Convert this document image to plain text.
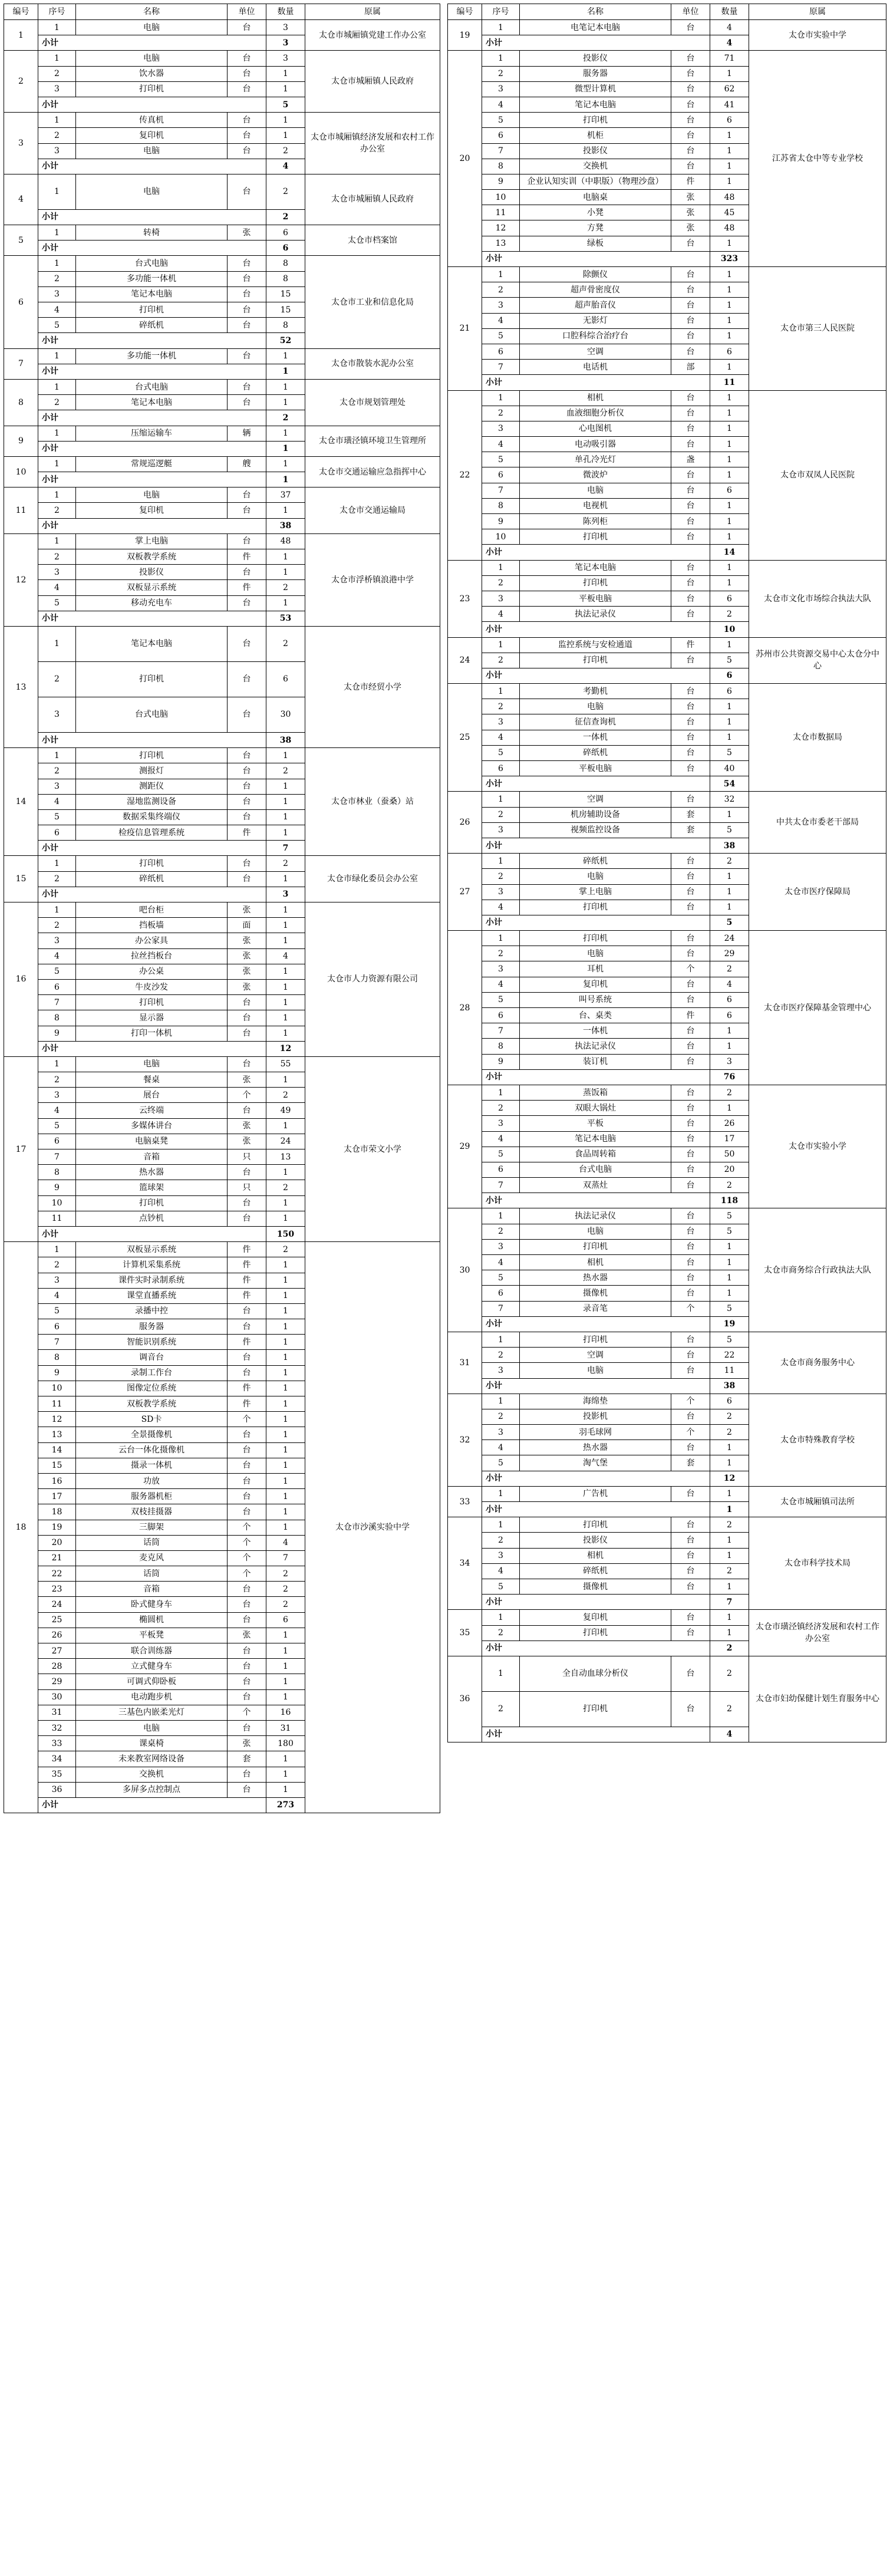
编号	序号	名称	单位	数量	原属
1	1	电脑	台	3	太仓市城厢镇党建工作办公室
	小计			3	
2	1	电脑	台	3	太仓市城厢镇人民政府
	2	饮水器	台	1	
	3	打印机	台	1	
	小计			5	
3	1	传真机	台	1	太仓市城厢镇经济发展和农村工作办公室
	2	复印机	台	1	
	3	电脑	台	2	
	小计			4	
4	1	电脑	台	2	太仓市城厢镇人民政府
	小计			2	
5	1	转椅	张	6	太仓市档案馆
	小计			6	
6	1	台式电脑	台	8	太仓市工业和信息化局
	2	多功能一体机	台	8	
	3	笔记本电脑	台	15	
	4	打印机	台	15	
	5	碎纸机	台	8	
	小计			52	
7	1	多功能一体机	台	1	太仓市散装水泥办公室
	小计			1	
8	1	台式电脑	台	1	太仓市规划管理处
	2	笔记本电脑	台	1	
	小计			2	
9	1	压缩运输车	辆	1	太仓市璜泾镇环境卫生管理所
	小计			1	
10	1	常规巡逻艇	艘	1	太仓市交通运输应急指挥中心
	小计			1	
11	1	电脑	台	37	太仓市交通运输局
	2	复印机	台	1	
	小计			38	
12	1	掌上电脑	台	48	太仓市浮桥镇浪港中学
	2	双板教学系统	件	1	
	3	投影仪	台	1	
	4	双板显示系统	件	2	
	5	移动充电车	台	1	
	小计			53	
13	1	笔记本电脑	台	2	太仓市经贸小学
	2	打印机	台	6	
	3	台式电脑	台	30	
	小计			38	
14	1	打印机	台	1	太仓市林业（蚕桑）站
	2	测报灯	台	2	
	3	测距仪	台	1	
	4	湿地监测设备	台	1	
	5	数据采集终端仪	台	1	
	6	检疫信息管理系统	件	1	
	小计			7	
15	1	打印机	台	2	太仓市绿化委员会办公室
	2	碎纸机	台	1	
	小计			3	
16	1	吧台柜	张	1	太仓市人力资源有限公司
	2	挡板墙	面	1	
	3	办公家具	张	1	
	4	拉丝挡板台	张	4	
	5	办公桌	张	1	
	6	牛皮沙发	张	1	
	7	打印机	台	1	
	8	显示器	台	1	
	9	打印一体机	台	1	
	小计			12	
17	1	电脑	台	55	太仓市荣文小学
	2	餐桌	张	1	
	3	展台	个	2	
	4	云终端	台	49	
	5	多媒体讲台	张	1	
	6	电脑桌凳	张	24	
	7	音箱	只	13	
	8	热水器	台	1	
	9	篮球架	只	2	
	10	打印机	台	1	
	11	点钞机	台	1	
	小计			150	
18	1	双板显示系统	件	2	太仓市沙溪实验中学
	2	计算机采集系统	件	1	
	3	课件实时录制系统	件	1	
	4	课堂直播系统	件	1	
	5	录播中控	台	1	
	6	服务器	台	1	
	7	智能识别系统	件	1	
	8	调音台	台	1	
	9	录制工作台	台	1	
	10	图像定位系统	件	1	
	11	双板教学系统	件	1	
	12	SD卡	个	1	
	13	全景摄像机	台	1	
	14	云台一体化摄像机	台	1	
	15	摄录一体机	台	1	
	16	功放	台	1	
	17	服务器机柜	台	1	
	18	双枝挂摄器	台	1	
	19	三脚架	个	1	
	20	话筒	个	4	
	21	麦克风	个	7	
	22	话筒	个	2	
	23	音箱	台	2	
	24	卧式健身车	台	2	
	25	椭圆机	台	6	
	26	平板凳	张	1	
	27	联合训练器	台	1	
	28	立式健身车	台	1	
	29	可调式仰卧板	台	1	
	30	电动跑步机	台	1	
	31	三基色内嵌柔光灯	个	16	
	32	电脑	台	31	
	33	课桌椅	张	180	
	34	未来教室网络设备	套	1	
	35	交换机	台	1	
	36	多屏多点控制点	台	1	
	小计			273	
编号	序号	名称	单位	数量	原属
19	1	电笔记本电脑	台	4	太仓市实验中学
	小计			4	
20	1	投影仪	台	71	江苏省太仓中等专业学校
	2	服务器	台	1	
	3	微型计算机	台	62	
	4	笔记本电脑	台	41	
	5	打印机	台	6	
	6	机柜	台	1	
	7	投影仪	台	1	
	8	交换机	台	1	
	9	企业认知实训（中职版）（物理沙盘）	件	1	
	10	电脑桌	张	48	
	11	小凳	张	45	
	12	方凳	张	48	
	13	绿板	台	1	
	小计			323	
21	1	除颤仪	台	1	太仓市第三人民医院
	2	超声骨密度仪	台	1	
	3	超声胎音仪	台	1	
	4	无影灯	台	1	
	5	口腔科综合治疗台	台	1	
	6	空调	台	6	
	7	电话机	部	1	
	小计			11	
22	1	相机	台	1	太仓市双凤人民医院
	2	血液细胞分析仪	台	1	
	3	心电图机	台	1	
	4	电动吸引器	台	1	
	5	单孔冷光灯	盏	1	
	6	微波炉	台	1	
	7	电脑	台	6	
	8	电视机	台	1	
	9	陈列柜	台	1	
	10	打印机	台	1	
	小计			14	
23	1	笔记本电脑	台	1	太仓市文化市场综合执法大队
	2	打印机	台	1	
	3	平板电脑	台	6	
	4	执法记录仪	台	2	
	小计			10	
24	1	监控系统与安检通道	件	1	苏州市公共资源交易中心太仓分中心
	2	打印机	台	5	
	小计			6	
25	1	考勤机	台	6	太仓市数据局
	2	电脑	台	1	
	3	征信查询机	台	1	
	4	一体机	台	1	
	5	碎纸机	台	5	
	6	平板电脑	台	40	
	小计			54	
26	1	空调	台	32	中共太仓市委老干部局
	2	机房辅助设备	套	1	
	3	视频监控设备	套	5	
	小计			38	
27	1	碎纸机	台	2	太仓市医疗保障局
	2	电脑	台	1	
	3	掌上电脑	台	1	
	4	打印机	台	1	
	小计			5	
28	1	打印机	台	24	太仓市医疗保障基金管理中心
	2	电脑	台	29	
	3	耳机	个	2	
	4	复印机	台	4	
	5	叫号系统	台	6	
	6	台、桌类	件	6	
	7	一体机	台	1	
	8	执法记录仪	台	1	
	9	装订机	台	3	
	小计			76	
29	1	蒸饭箱	台	2	太仓市实验小学
	2	双眼大锅灶	台	1	
	3	平板	台	26	
	4	笔记本电脑	台	17	
	5	食品周转箱	台	50	
	6	台式电脑	台	20	
	7	双蒸灶	台	2	
	小计			118	
30	1	执法记录仪	台	5	太仓市商务综合行政执法大队
	2	电脑	台	5	
	3	打印机	台	1	
	4	相机	台	1	
	5	热水器	台	1	
	6	摄像机	台	1	
	7	录音笔	个	5	
	小计			19	
31	1	打印机	台	5	太仓市商务服务中心
	2	空调	台	22	
	3	电脑	台	11	
	小计			38	
32	1	海绵垫	个	6	太仓市特殊教育学校
	2	投影机	台	2	
	3	羽毛球网	个	2	
	4	热水器	台	1	
	5	淘气堡	套	1	
	小计			12	
33	1	广告机	台	1	太仓市城厢镇司法所
	小计			1	
34	1	打印机	台	2	太仓市科学技术局
	2	投影仪	台	1	
	3	相机	台	1	
	4	碎纸机	台	2	
	5	摄像机	台	1	
	小计			7	
35	1	复印机	台	1	太仓市璜泾镇经济发展和农村工作办公室
	2	打印机	台	1	
	小计			2	
36	1	全自动血球分析仪	台	2	太仓市妇幼保健计划生育服务中心
	2	打印机	台	2	
	小计			4	
